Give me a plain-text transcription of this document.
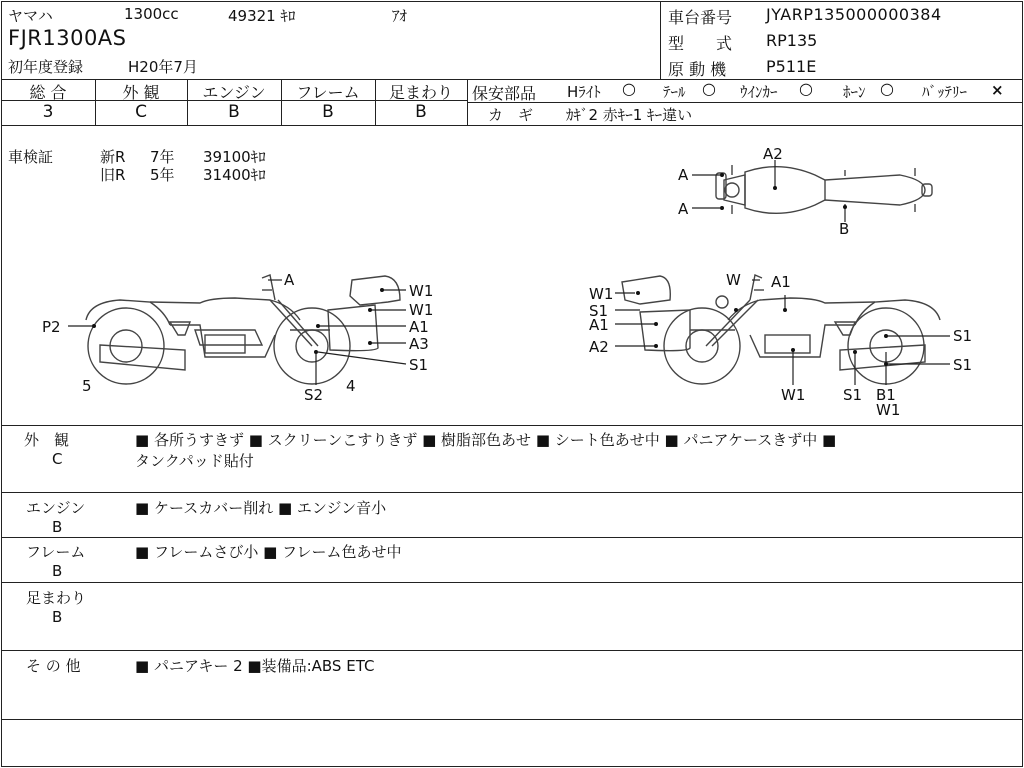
ヤマハ	1300cc	49321 ｷﾛ	ｱｵ
FJR1300AS
初年度登録	H20年7月
車台番号 JYARP135000000384
型　　式 RP135
原 動 機 P511E
総 合	外 観	エンジン	フレーム	足まわり
3	C	B	B	B
保安部品 Hﾗｲﾄ ○ ﾃｰﾙ ○ ｳｲﾝｶｰ ○ ﾎｰﾝ ○ ﾊﾞｯﾃﾘｰ ×
カ　ギ ｶｷﾞ2 赤ｷｰ1 ｷｰ違い
車検証	新R 7年 39100ｷﾛ
旧R 5年 31400ｷﾛ
A2
A
A
B
A
W1
W1
A1
A3
S1
P2
5	S2 4
W A1
W1
S1
A1
A2
S1
S1
W1	S1 B1
W1
外　観
C
■ 各所うすきず ■ スクリーンこすりきず ■ 樹脂部色あせ ■ シート色あせ中 ■ パニアケースきず中 ■
タンクパッド貼付
エンジン
B
■ ケースカバー削れ ■ エンジン音小
フレーム
B
■ フレームさび小 ■ フレーム色あせ中
足まわり
B
そ の 他	■ パニアキー 2 ■装備品:ABS ETC
